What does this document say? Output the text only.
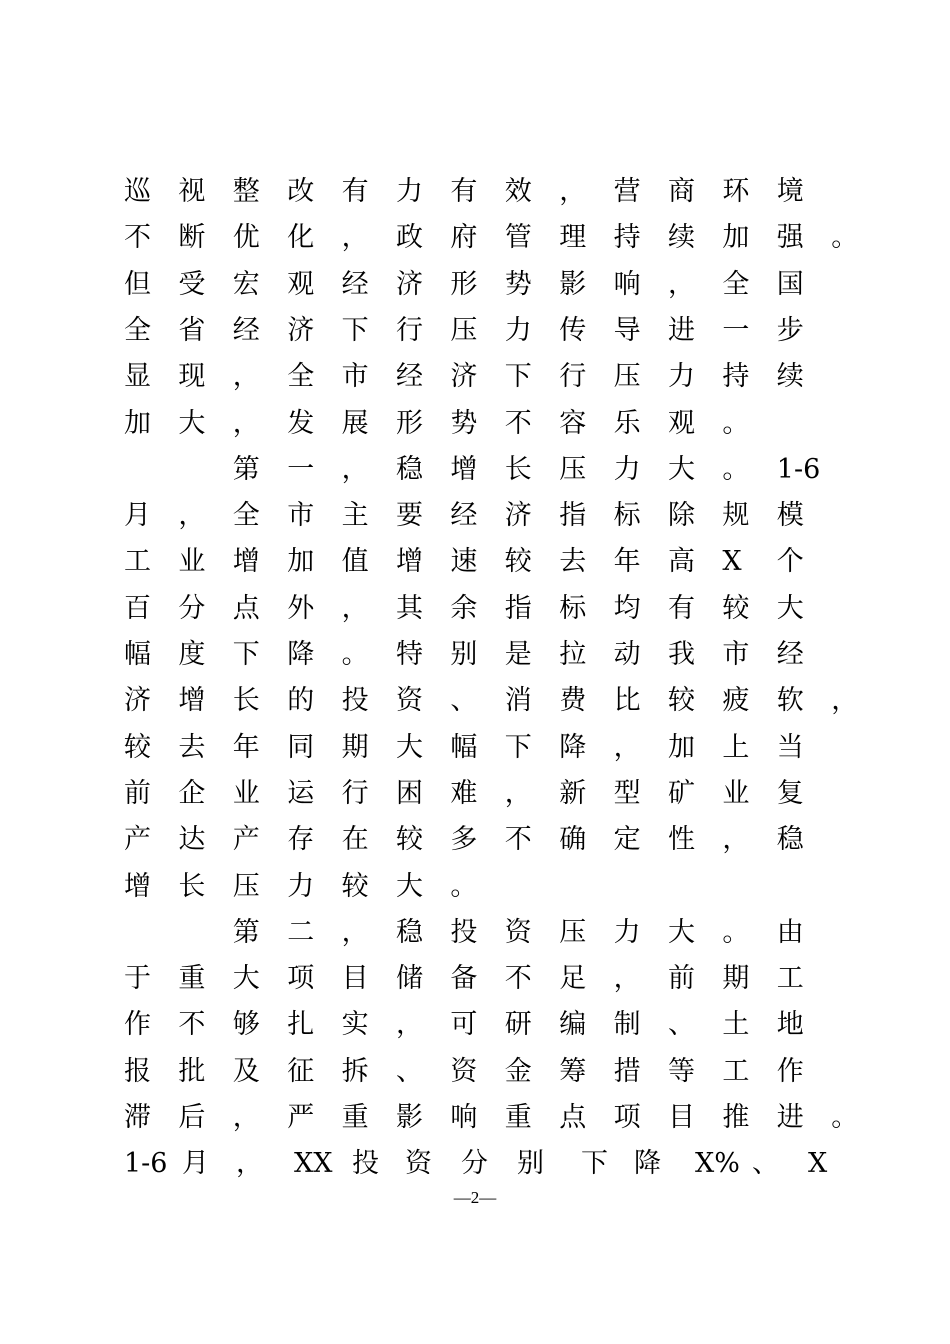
巡 视 整 改 有 力 有 效 ， 营 商 环 境
不 断 优 化 ， 政 府 管 理 持 续 加 强 。
但 受 宏 观 经 济 形 势 影 响 ， 全 国
全 省 经 济 下 行 压 力 传 导 进 一 步
显 现 ， 全 市 经 济 下 行 压 力 持 续
加 大 ， 发 展 形 势 不 容 乐 观 。
第 一 ， 稳 增 长 压 力 大 。 1-6
月 ， 全 市 主 要 经 济 指 标 除 规 模
工 业 增 加 值 增 速 较 去 年 高 X 个
百 分 点 外 ， 其 余 指 标 均 有 较 大
幅 度 下 降 。 特 别 是 拉 动 我 市 经
济 增 长 的 投 资 、 消 费 比 较 疲 软 ，
较 去 年 同 期 大 幅 下 降 ， 加 上 当
前 企 业 运 行 困 难 ， 新 型 矿 业 复
产 达 产 存 在 较 多 不 确 定 性 ， 稳
增 长 压 力 较 大 。
第 二 ， 稳 投 资 压 力 大 。 由
于 重 大 项 目 储 备 不 足 ， 前 期 工
作 不 够 扎 实 ， 可 研 编 制 、 土 地
报 批 及 征 拆 、 资 金 筹 措 等 工 作
滞 后 ， 严 重 影 响 重 点 项 目 推 进 。
1-6 月 ， XX 投 资 分 别 下 降 X% 、 X
—2—
